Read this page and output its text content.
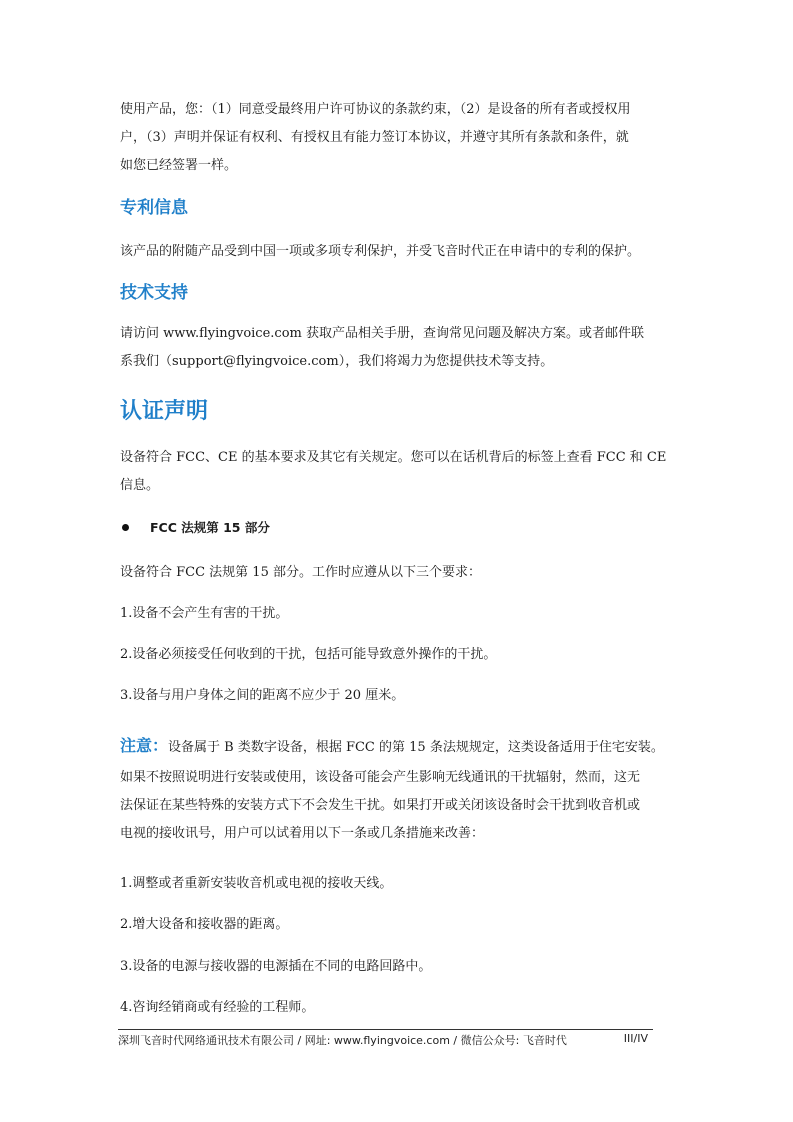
使用产品，您：（1）同意受最终用户许可协议的条款约束，（2）是设备的所有者或授权用

户，（3）声明并保证有权利、有授权且有能力签订本协议，并遵守其所有条款和条件，就

如您已经签署一样。

专利信息

该产品的附随产品受到中国一项或多项专利保护，并受飞音时代正在申请中的专利的保护。

技术支持

请访问 www.flyingvoice.com 获取产品相关手册，查询常见问题及解决方案。或者邮件联

系我们（support@flyingvoice.com），我们将竭力为您提供技术等支持。

认证声明

设备符合 FCC、CE 的基本要求及其它有关规定。您可以在话机背后的标签上查看 FCC 和 CE

信息。

FCC 法规第 15 部分

设备符合 FCC 法规第 15 部分。工作时应遵从以下三个要求：

1.设备不会产生有害的干扰。

2.设备必须接受任何收到的干扰，包括可能导致意外操作的干扰。

3.设备与用户身体之间的距离不应少于 20 厘米。

注意：设备属于 B 类数字设备，根据 FCC 的第 15 条法规规定，这类设备适用于住宅安装。

如果不按照说明进行安装或使用，该设备可能会产生影响无线通讯的干扰辐射，然而，这无

法保证在某些特殊的安装方式下不会发生干扰。如果打开或关闭该设备时会干扰到收音机或

电视的接收讯号，用户可以试着用以下一条或几条措施来改善：

1.调整或者重新安装收音机或电视的接收天线。

2.增大设备和接收器的距离。

3.设备的电源与接收器的电源插在不同的电路回路中。

4.咨询经销商或有经验的工程师。

深圳飞音时代网络通讯技术有限公司 / 网址: www.flyingvoice.com / 微信公众号: 飞音时代	III/IV
